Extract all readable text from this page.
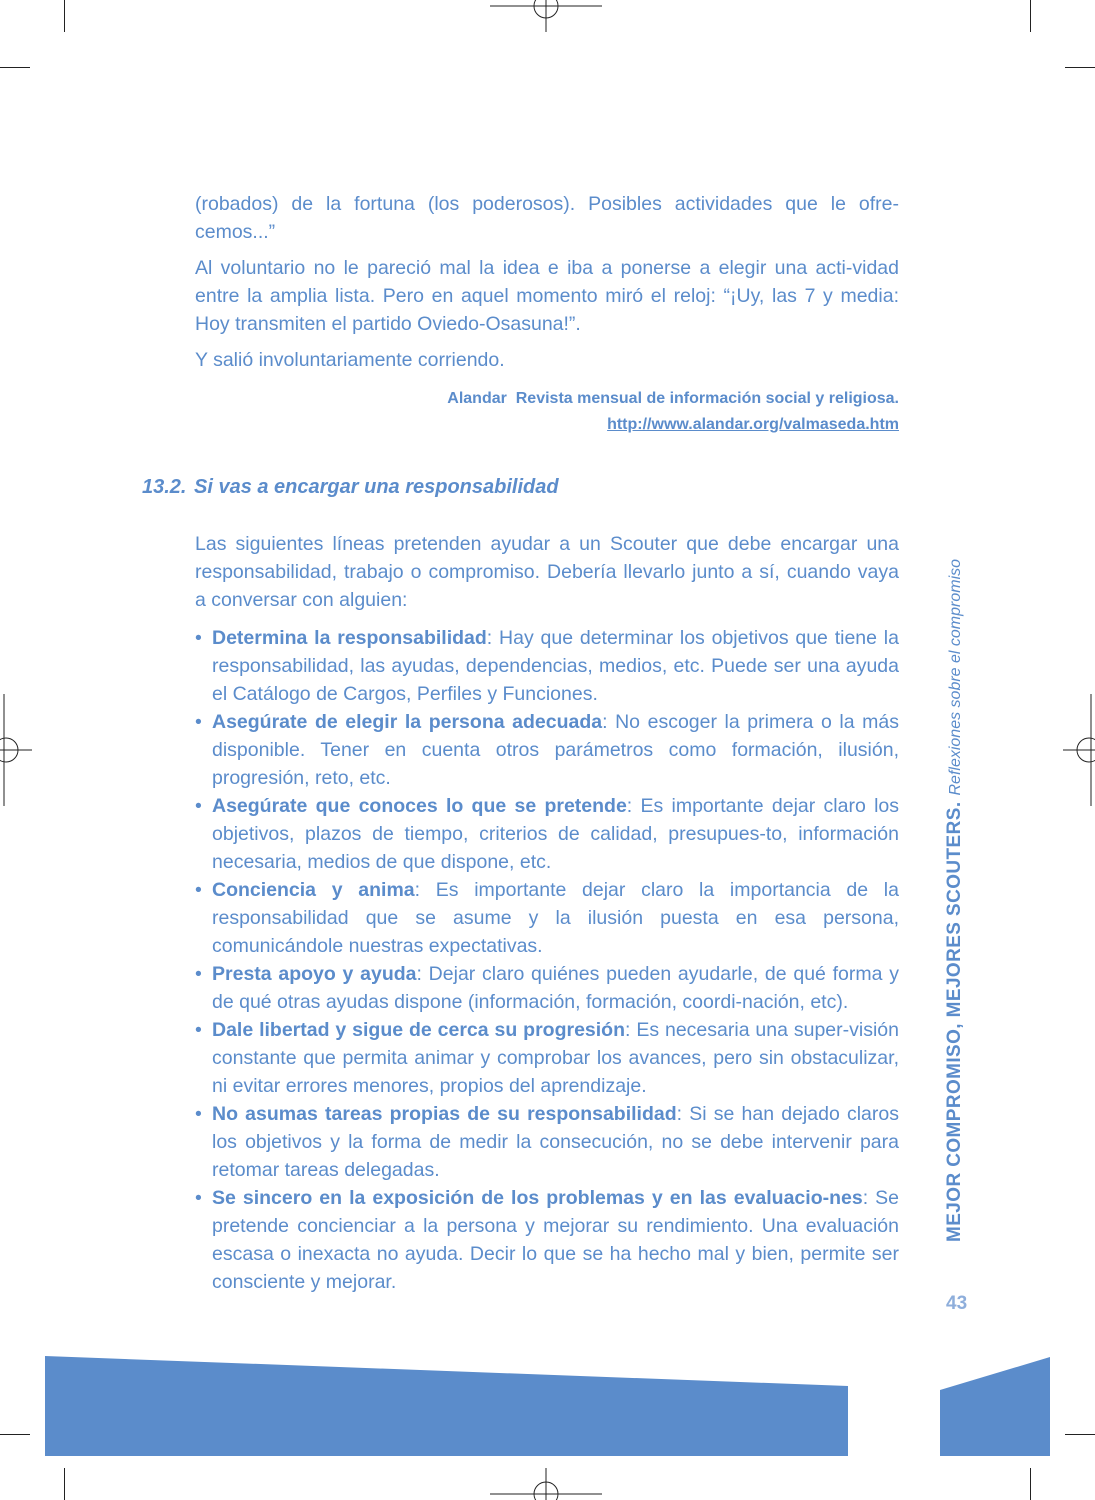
(robados) de la fortuna (los poderosos). Posibles actividades que le ofre-cemos...”

Al voluntario no le pareció mal la idea e iba a ponerse a elegir una acti-vidad entre la amplia lista. Pero en aquel momento miró el reloj: “¡Uy, las 7 y media: Hoy transmiten el partido Oviedo-Osasuna!”.

Y salió involuntariamente corriendo.

Alandar  Revista mensual de información social y religiosa.
http://www.alandar.org/valmaseda.htm
13.2. Si vas a encargar una responsabilidad

Las siguientes líneas pretenden ayudar a un Scouter que debe encargar una responsabilidad, trabajo o compromiso. Debería llevarlo junto a sí, cuando vaya a conversar con alguien:

• Determina la responsabilidad: Hay que determinar los objetivos que tiene la responsabilidad, las ayudas, dependencias, medios, etc. Puede ser una ayuda el Catálogo de Cargos, Perfiles y Funciones.
• Asegúrate de elegir la persona adecuada: No escoger la primera o la más disponible. Tener en cuenta otros parámetros como formación, ilusión, progresión, reto, etc.
• Asegúrate que conoces lo que se pretende: Es importante dejar claro los objetivos, plazos de tiempo, criterios de calidad, presupues-to, información necesaria, medios de que dispone, etc.
• Conciencia y anima: Es importante dejar claro la importancia de la responsabilidad que se asume y la ilusión puesta en esa persona, comunicándole nuestras expectativas.
• Presta apoyo y ayuda: Dejar claro quiénes pueden ayudarle, de qué forma y de qué otras ayudas dispone (información, formación, coordi-nación, etc).
• Dale libertad y sigue de cerca su progresión: Es necesaria una super-visión constante que permita animar y comprobar los avances, pero sin obstaculizar, ni evitar errores menores, propios del aprendizaje.
• No asumas tareas propias de su responsabilidad: Si se han dejado claros los objetivos y la forma de medir la consecución, no se debe intervenir para retomar tareas delegadas.
• Se sincero en la exposición de los problemas y en las evaluacio-nes: Se pretende concienciar a la persona y mejorar su rendimiento. Una evaluación escasa o inexacta no ayuda. Decir lo que se ha hecho mal y bien, permite ser consciente y mejorar.
MEJOR COMPROMISO, MEJORES SCOUTERS.Reflexiones sobre el compromiso
43
